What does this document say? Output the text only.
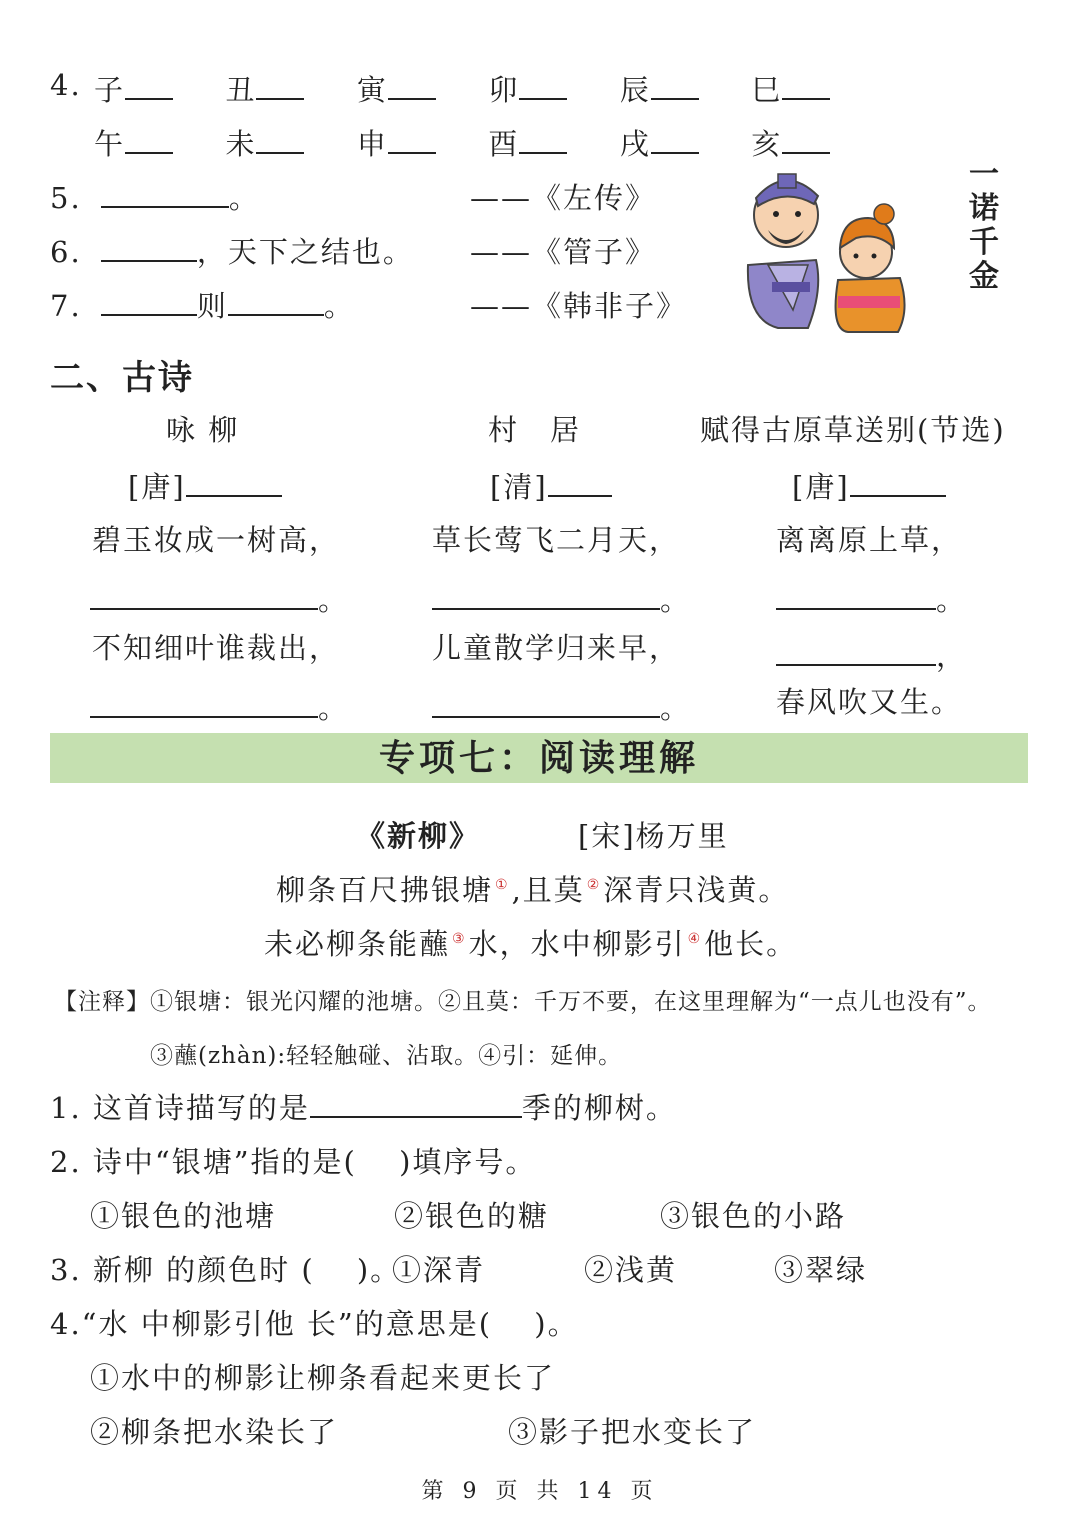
4. 子	丑	寅	卯	辰	巳
午	未	申	酉	戌	亥
5.	。	——《左传》
6.	，天下之结也。 ——《管子》
7.	则	。	——《韩非子》
一诺千金
二、古诗
咏 柳	村　居	赋得古原草送别(节选)
[唐]	[清]	[唐]
碧玉妆成一树高，	草长莺飞二月天，	离离原上草，
。	。	。
不知细叶谁裁出，	儿童散学归来早，	，
。	。	春风吹又生。
专项七：阅读理解
《新柳》	[宋]杨万里
柳条百尺拂银塘 ①,且莫 ②深青只浅黄。
未必柳条能蘸 ③水，水中柳影引 ④他长。
【注释】①银塘：银光闪耀的池塘。②且莫：千万不要，在这里理解为“一点儿也没有”。
③蘸(zhàn):轻轻触碰、沾取。④引：延伸。
1. 这首诗描写的是	季的柳树。
2. 诗中“银塘”指的是(　 )填序号。
①银色的池塘	②银色的糖	③银色的小路
3. 新柳 的颜色时 (　 )。
①深青	②浅黄	③翠绿
4.“水 中柳影引他 长”的意思是(　 )。
①水中的柳影让柳条看起来更长了
②柳条把水染长了	③影子把水变长了
第 9 页 共 14 页
